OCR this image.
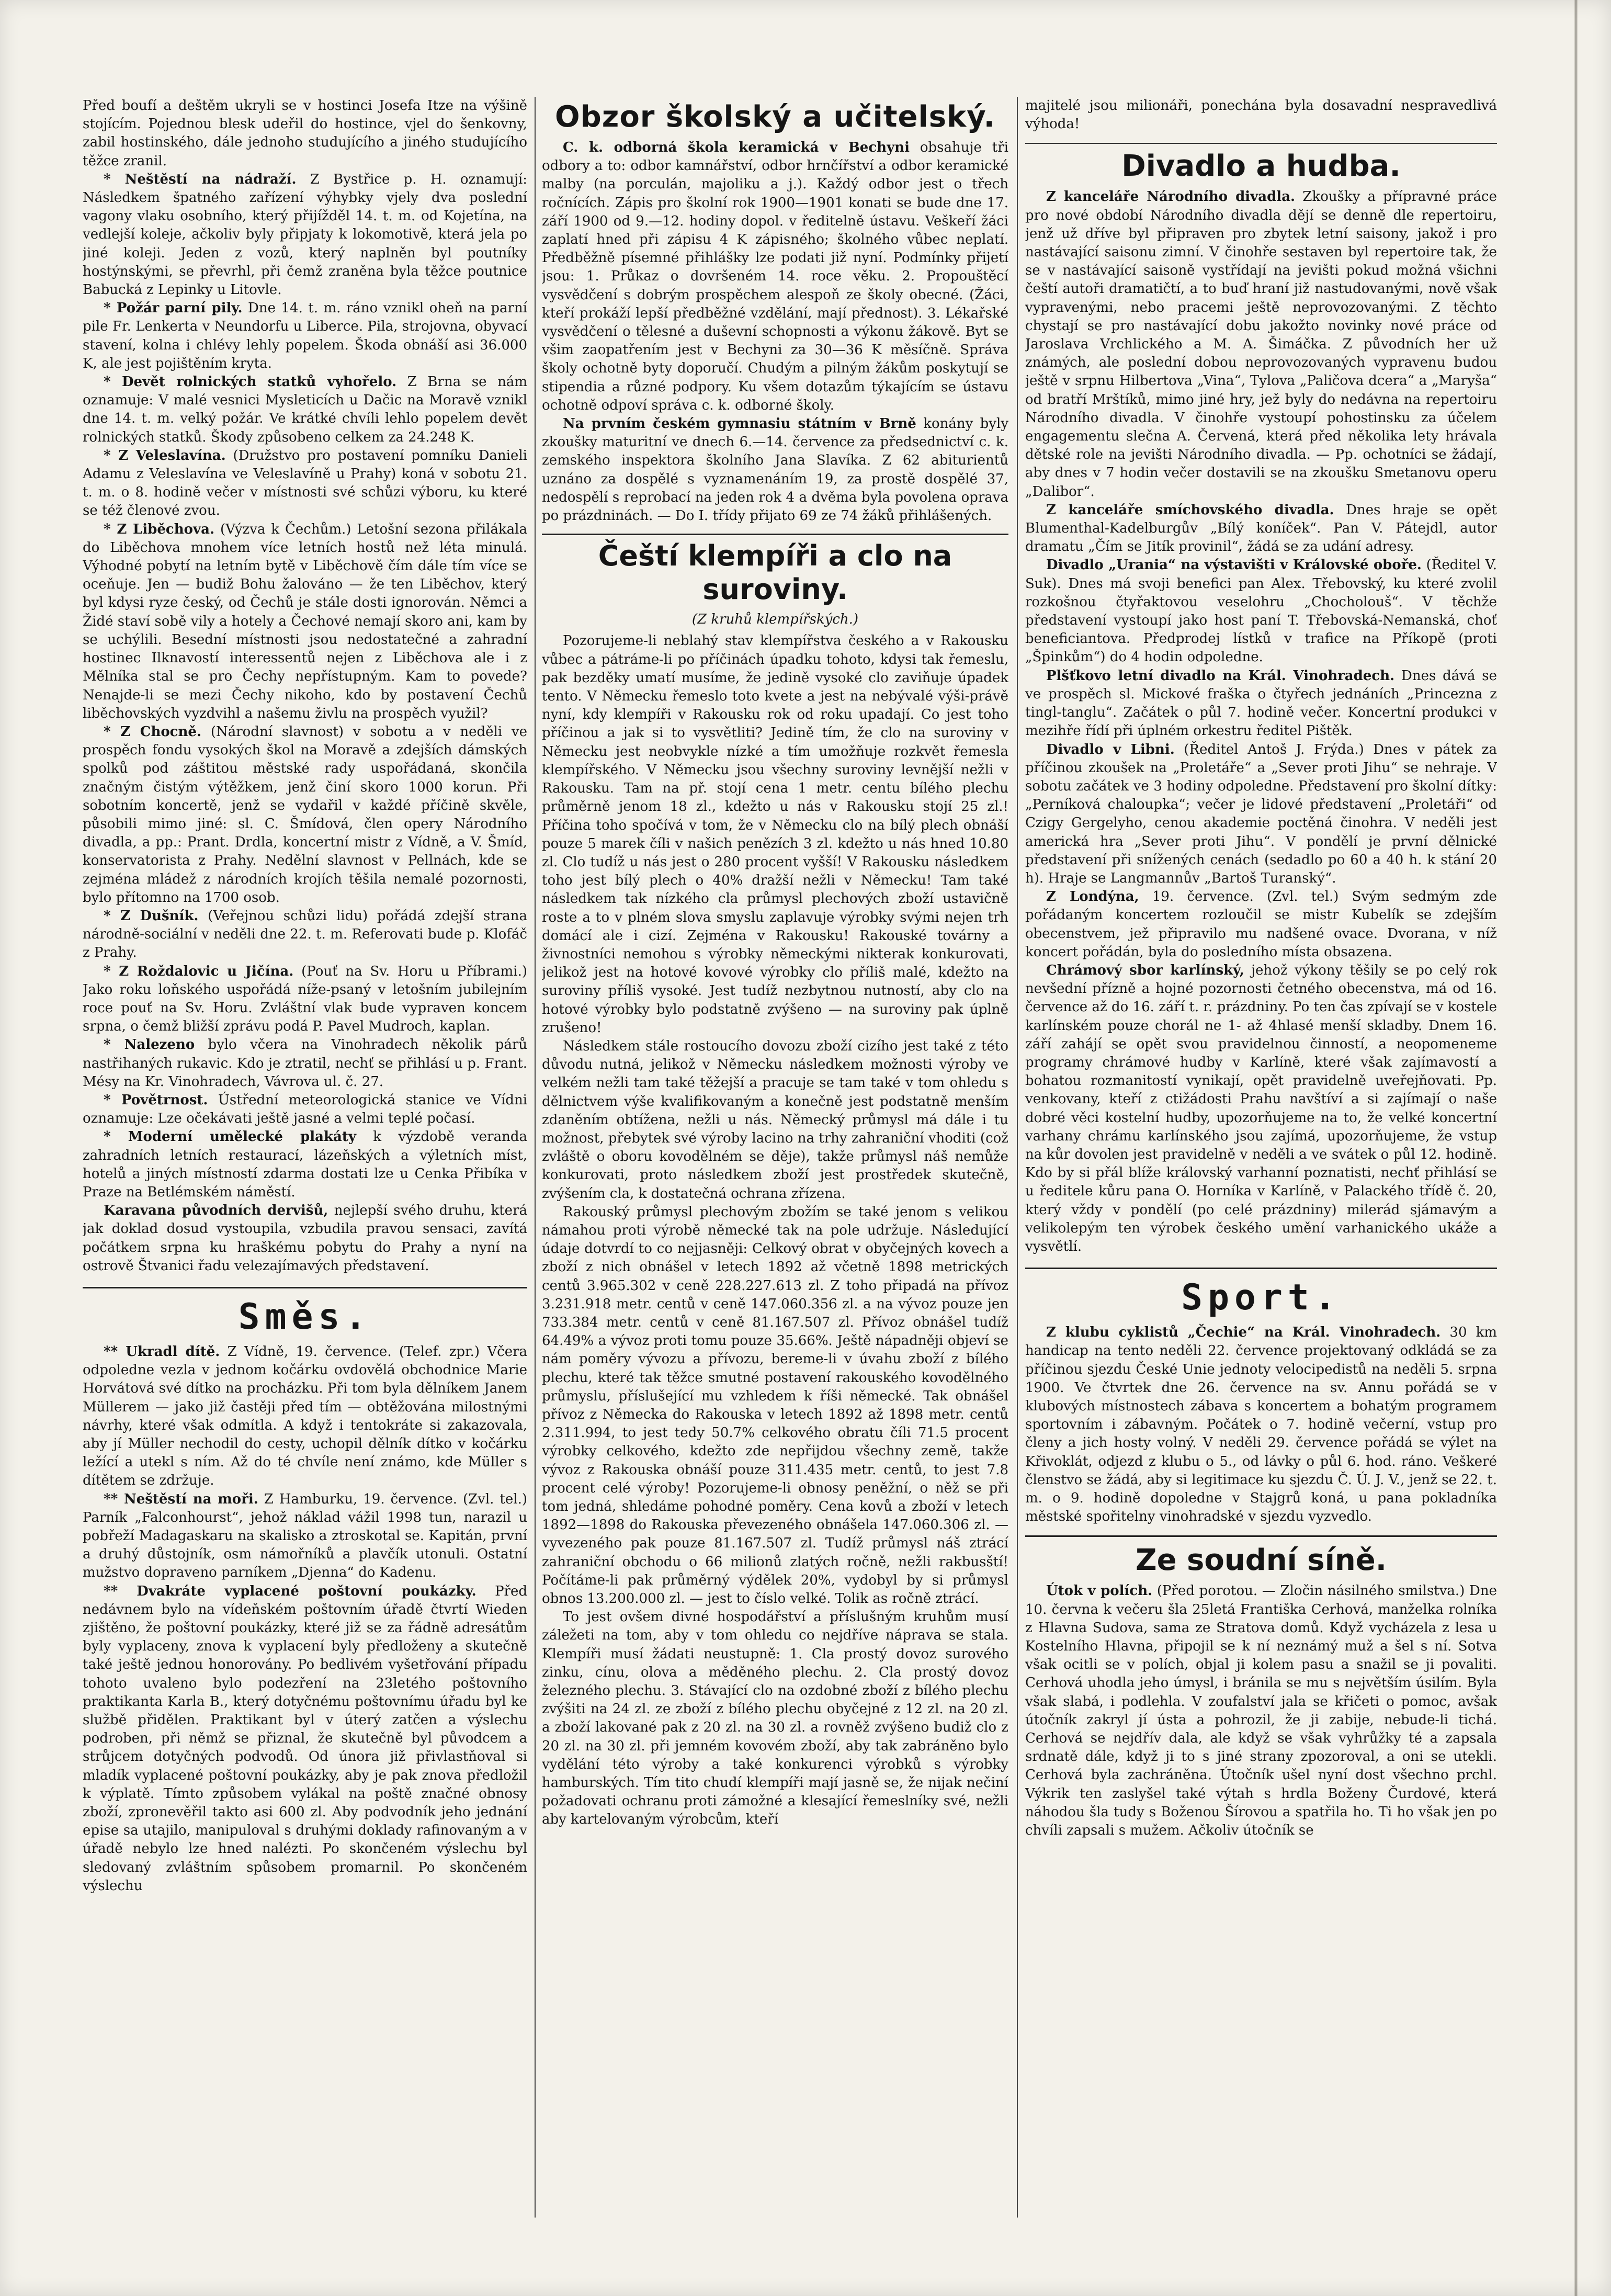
Před boufí a deštěm ukryli se v hostinci Josefa Itze na výšině stojícím. Pojednou blesk udeřil do hostince, vjel do šenkovny, zabil hostinského, dále jednoho studujícího a jiného studujícího těžce zranil.

* Neštěstí na nádraží. Z Bystřice p. H. oznamují: Následkem špatného zařízení výhybky vjely dva poslední vagony vlaku osobního, který přijížděl 14. t. m. od Kojetína, na vedlejší koleje, ačkoliv byly připjaty k lokomotivě, která jela po jiné koleji. Jeden z vozů, který naplněn byl poutníky hostýnskými, se převrhl, při čemž zraněna byla těžce poutnice Babucká z Lepinky u Litovle.

* Požár parní pily. Dne 14. t. m. ráno vznikl oheň na parní pile Fr. Lenkerta v Neundorfu u Liberce. Pila, strojovna, obyvací stavení, kolna i chlévy lehly popelem. Škoda obnáší asi 36.000 K, ale jest pojištěním kryta.

* Devět rolnických statků vyhořelo. Z Brna se nám oznamuje: V malé vesnici Mysleticích u Dačic na Moravě vznikl dne 14. t. m. velký požár. Ve krátké chvíli lehlo popelem devět rolnických statků. Škody způsobeno celkem za 24.248 K.

* Z Veleslavína. (Družstvo pro postavení pomníku Danieli Adamu z Veleslavína ve Veleslavíně u Prahy) koná v sobotu 21. t. m. o 8. hodině večer v místnosti své schůzi výboru, ku které se též členové zvou.

* Z Liběchova. (Výzva k Čechům.) Letošní sezona přilákala do Liběchova mnohem více letních hostů než léta minulá. Výhodné pobytí na letním bytě v Liběchově čím dále tím více se oceňuje. Jen — budiž Bohu žalováno — že ten Liběchov, který byl kdysi ryze český, od Čechů je stále dosti ignorován. Němci a Židé staví sobě vily a hotely a Čechové nemají skoro ani, kam by se uchýlili. Besední místnosti jsou nedostatečné a zahradní hostinec Ilknavostí interessentů nejen z Liběchova ale i z Mělníka stal se pro Čechy nepřístupným. Kam to povede? Nenajde-li se mezi Čechy nikoho, kdo by postavení Čechů liběchovských vyzdvihl a našemu živlu na prospěch využil?

* Z Chocně. (Národní slavnost) v sobotu a v neděli ve prospěch fondu vysokých škol na Moravě a zdejších dámských spolků pod záštitou městské rady uspořádaná, skončila značným čistým výtěžkem, jenž činí skoro 1000 korun. Při sobotním koncertě, jenž se vydařil v každé příčině skvěle, působili mimo jiné: sl. C. Šmídová, člen opery Národního divadla, a pp.: Prant. Drdla, koncertní mistr z Vídně, a V. Šmíd, konservatorista z Prahy. Nedělní slavnost v Pellnách, kde se zejména mládež z národních krojích těšila nemalé pozornosti, bylo přítomno na 1700 osob.

* Z Dušník. (Veřejnou schůzi lidu) pořádá zdejší strana národně-sociální v neděli dne 22. t. m. Referovati bude p. Klofáč z Prahy.

* Z Roždalovic u Jičína. (Pouť na Sv. Horu u Příbrami.) Jako roku loňského uspořádá níže-psaný v letošním jubilejním roce pouť na Sv. Horu. Zvláštní vlak bude vypraven koncem srpna, o čemž bližší zprávu podá P. Pavel Mudroch, kaplan.

* Nalezeno bylo včera na Vinohradech několik párů nastřihaných rukavic. Kdo je ztratil, nechť se přihlásí u p. Frant. Mésy na Kr. Vinohradech, Vávrova ul. č. 27.

* Povětrnost. Ústřední meteorologická stanice ve Vídni oznamuje: Lze očekávati ještě jasné a velmi teplé počasí.

* Moderní umělecké plakáty k výzdobě veranda zahradních letních restaurací, lázeňských a výletních míst, hotelů a jiných místností zdarma dostati lze u Cenka Přibíka v Praze na Betlémském náměstí.

Karavana původních dervišů, nejlepší svého druhu, která jak doklad dosud vystoupila, vzbudila pravou sensaci, zavítá počátkem srpna ku hraškému pobytu do Prahy a nyní na ostrově Štvanici řadu velezajímavých představení.

Směs.

** Ukradl dítě. Z Vídně, 19. července. (Telef. zpr.) Včera odpoledne vezla v jednom kočárku ovdovělá obchodnice Marie Horvátová své dítko na procházku. Při tom byla dělníkem Janem Müllerem — jako již častěji před tím — obtěžována milostnými návrhy, které však odmítla. A když i tentokráte si zakazovala, aby jí Müller nechodil do cesty, uchopil dělník dítko v kočárku ležící a utekl s ním. Až do té chvíle není známo, kde Müller s dítětem se zdržuje.

** Neštěstí na moři. Z Hamburku, 19. července. (Zvl. tel.) Parník „Falconhourst“, jehož náklad vážil 1998 tun, narazil u pobřeží Madagaskaru na skalisko a ztroskotal se. Kapitán, první a druhý důstojník, osm námořníků a plavčík utonuli. Ostatní mužstvo dopraveno parníkem „Djenna“ do Kadenu.

** Dvakráte vyplacené poštovní poukázky. Před nedávnem bylo na vídeňském poštovním úřadě čtvrtí Wieden zjištěno, že poštovní poukázky, které již se za řádně adresátům byly vyplaceny, znova k vyplacení byly předloženy a skutečně také ještě jednou honorovány. Po bedlivém vyšetřování případu tohoto uvaleno bylo podezření na 23letého poštovního praktikanta Karla B., který dotyčnému poštovnímu úřadu byl ke službě přidělen. Praktikant byl v úterý zatčen a výslechu podroben, při němž se přiznal, že skutečně byl původcem a strůjcem dotyčných podvodů. Od února již přivlastňoval si mladík vyplacené poštovní poukázky, aby je pak znova předložil k výplatě. Tímto způsobem vylákal na poště značné obnosy zboží, zpronevěřil takto asi 600 zl. Aby podvodník jeho jednání epise sa utajilo, manipuloval s druhými doklady rafinovaným a v úřadě nebylo lze hned nalézti. Po skončeném výslechu byl sledovaný zvláštním spůsobem promarnil. Po skončeném výslechu

Obzor školský a učitelský.

C. k. odborná škola keramická v Bechyni obsahuje tři odbory a to: odbor kamnářství, odbor hrnčířství a odbor keramické malby (na porculán, majoliku a j.). Každý odbor jest o třech ročnících. Zápis pro školní rok 1900—1901 konati se bude dne 17. září 1900 od 9.—12. hodiny dopol. v ředitelně ústavu. Veškeří žáci zaplatí hned při zápisu 4 K zápisného; školného vůbec neplatí. Předběžně písemné přihlášky lze podati již nyní. Podmínky přijetí jsou: 1. Průkaz o dovršeném 14. roce věku. 2. Propouštěcí vysvědčení s dobrým prospěchem alespoň ze školy obecné. (Žáci, kteří prokáží lepší předběžné vzdělání, mají přednost). 3. Lékařské vysvědčení o tělesné a duševní schopnosti a výkonu žákově. Byt se všim zaopatřením jest v Bechyni za 30—36 K měsíčně. Správa školy ochotně byty doporučí. Chudým a pilným žákům poskytují se stipendia a různé podpory. Ku všem dotazům týkajícím se ústavu ochotně odpoví správa c. k. odborné školy.

Na prvním českém gymnasiu státním v Brně konány byly zkoušky maturitní ve dnech 6.—14. července za předsednictví c. k. zemského inspektora školního Jana Slavíka. Z 62 abiturientů uznáno za dospělé s vyznamenáním 19, za prostě dospělé 37, nedospělí s reprobací na jeden rok 4 a dvěma byla povolena oprava po prázdninách. — Do I. třídy přijato 69 ze 74 žáků přihlášených.

Čeští klempíři a clo na suroviny.

(Z kruhů klempířských.)

Pozorujeme-li neblahý stav klempířstva českého a v Rakousku vůbec a pátráme-li po příčinách úpadku tohoto, kdysi tak řemeslu, pak bezděky umatí musíme, že jedině vysoké clo zaviňuje úpadek tento. V Německu řemeslo toto kvete a jest na nebývalé výši-právě nyní, kdy klempíři v Rakousku rok od roku upadají. Co jest toho příčinou a jak si to vysvětliti? Jedině tím, že clo na suroviny v Německu jest neobvykle nízké a tím umožňuje rozkvět řemesla klempířského. V Německu jsou všechny suroviny levnější nežli v Rakousku. Tam na př. stojí cena 1 metr. centu bílého plechu průměrně jenom 18 zl., kdežto u nás v Rakousku stojí 25 zl.! Příčina toho spočívá v tom, že v Německu clo na bílý plech obnáší pouze 5 marek číli v našich penězích 3 zl. kdežto u nás hned 10.80 zl. Clo tudíž u nás jest o 280 procent vyšší! V Rakousku následkem toho jest bílý plech o 40% dražší nežli v Německu! Tam také následkem tak nízkého cla průmysl plechových zboží ustavičně roste a to v plném slova smyslu zaplavuje výrobky svými nejen trh domácí ale i cizí. Zejména v Rakousku! Rakouské továrny a živnostníci nemohou s výrobky německými nikterak konkurovati, jelikož jest na hotové kovové výrobky clo příliš malé, kdežto na suroviny příliš vysoké. Jest tudíž nezbytnou nutností, aby clo na hotové výrobky bylo podstatně zvýšeno — na suroviny pak úplně zrušeno!

Následkem stále rostoucího dovozu zboží cizího jest také z této důvodu nutná, jelikož v Německu následkem možnosti výroby ve velkém nežli tam také těžejší a pracuje se tam také v tom ohledu s dělnictvem výše kvalifikovaným a konečně jest podstatně menším zdaněním obtížena, nežli u nás. Německý průmysl má dále i tu možnost, přebytek své výroby lacino na trhy zahraniční vhoditi (což zvláště o oboru kovodělném se děje), takže průmysl náš nemůže konkurovati, proto následkem zboží jest prostředek skutečně, zvýšením cla, k dostatečná ochrana zřízena.

Rakouský průmysl plechovým zbožím se také jenom s velikou námahou proti výrobě německé tak na pole udržuje. Následující údaje dotvrdí to co nejjasněji: Celkový obrat v obyčejných kovech a zboží z nich obnášel v letech 1892 až včetně 1898 metrických centů 3.965.302 v ceně 228.227.613 zl. Z toho připadá na přívoz 3.231.918 metr. centů v ceně 147.060.356 zl. a na vývoz pouze jen 733.384 metr. centů v ceně 81.167.507 zl. Přívoz obnášel tudíž 64.49% a vývoz proti tomu pouze 35.66%. Ještě nápadněji objeví se nám poměry vývozu a přívozu, bereme-li v úvahu zboží z bílého plechu, které tak těžce smutné postavení rakouského kovodělného průmyslu, příslušející mu vzhledem k říši německé. Tak obnášel přívoz z Německa do Rakouska v letech 1892 až 1898 metr. centů 2.311.994, to jest tedy 50.7% celkového obratu číli 71.5 procent výrobky celkového, kdežto zde nepřijdou všechny země, takže vývoz z Rakouska obnáší pouze 311.435 metr. centů, to jest 7.8 procent celé výroby! Pozorujeme-li obnosy peněžní, o něž se při tom jedná, shledáme pohodné poměry. Cena kovů a zboží v letech 1892—1898 do Rakouska převezeného obnášela 147.060.306 zl. — vyvezeného pak pouze 81.167.507 zl. Tudíž průmysl náš ztrácí zahraniční obchodu o 66 milionů zlatých ročně, nežli rakbusští! Počítáme-li pak průměrný výdělek 20%, vydobyl by si průmysl obnos 13.200.000 zl. — jest to číslo velké. Tolik as ročně ztrácí.

To jest ovšem divné hospodářství a příslušným kruhům musí záležeti na tom, aby v tom ohledu co nejdříve náprava se stala. Klempíři musí žádati neustupně: 1. Cla prostý dovoz surového zinku, cínu, olova a měděného plechu. 2. Cla prostý dovoz železného plechu. 3. Stávající clo na ozdobné zboží z bílého plechu zvýšiti na 24 zl. ze zboží z bílého plechu obyčejné z 12 zl. na 20 zl. a zboží lakované pak z 20 zl. na 30 zl. a rovněž zvýšeno budiž clo z 20 zl. na 30 zl. při jemném kovovém zboží, aby tak zabráněno bylo vydělání této výroby a také konkurenci výrobků s výrobky hamburských. Tím tito chudí klempíři mají jasně se, že nijak nečiní požadovati ochranu proti zámožné a klesající řemeslníky své, nežli aby kartelovaným výrobcům, kteří

majitelé jsou milionáři, ponechána byla dosavadní nespravedlivá výhoda!

Divadlo a hudba.

Z kanceláře Národního divadla. Zkoušky a přípravné práce pro nové období Národního divadla dějí se denně dle repertoiru, jenž už dříve byl připraven pro zbytek letní saisony, jakož i pro nastávající saisonu zimní. V činohře sestaven byl repertoire tak, že se v nastávající saisoně vystřídají na jevišti pokud možná všichni čeští autoři dramatičtí, a to buď hraní již nastudovanými, nově však vypravenými, nebo pracemi ještě neprovozovanými. Z těchto chystají se pro nastávající dobu jakožto novinky nové práce od Jaroslava Vrchlického a M. A. Šimáčka. Z původních her už známých, ale poslední dobou neprovozovaných vypravenu budou ještě v srpnu Hilbertova „Vina“, Tylova „Paličova dcera“ a „Maryša“ od bratří Mrštíků, mimo jiné hry, jež byly do nedávna na repertoiru Národního divadla. V činohře vystoupí pohostinsku za účelem engagementu slečna A. Červená, která před několika lety hrávala dětské role na jevišti Národního divadla. — Pp. ochotníci se žádají, aby dnes v 7 hodin večer dostavili se na zkoušku Smetanovu operu „Dalibor“.

Z kanceláře smíchovského divadla. Dnes hraje se opět Blumenthal-Kadelburgův „Bílý koníček“. Pan V. Pátejdl, autor dramatu „Čím se Jitík provinil“, žádá se za udání adresy.

Divadlo „Urania“ na výstavišti v Královské oboře. (Ředitel V. Suk). Dnes má svoji benefici pan Alex. Třebovský, ku které zvolil rozkošnou čtyřaktovou veselohru „Chocholouš“. V těchže představení vystoupí jako host paní T. Třebovská-Nemanská, choť beneficiantova. Předprodej lístků v trafice na Příkopě (proti „Špinkům“) do 4 hodin odpoledne.

Plšťkovo letní divadlo na Král. Vinohradech. Dnes dává se ve prospěch sl. Mickové fraška o čtyřech jednáních „Princezna z tingl-tanglu“. Začátek o půl 7. hodině večer. Koncertní produkci v mezihře řídí při úplném orkestru ředitel Pištěk.

Divadlo v Libni. (Ředitel Antoš J. Frýda.) Dnes v pátek za příčinou zkoušek na „Proletáře“ a „Sever proti Jihu“ se nehraje. V sobotu začátek ve 3 hodiny odpoledne. Představení pro školní dítky: „Perníková chaloupka“; večer je lidové představení „Proletáři“ od Czigy Gergelyho, cenou akademie poctěná činohra. V neděli jest americká hra „Sever proti Jihu“. V pondělí je první dělnické představení při snížených cenách (sedadlo po 60 a 40 h. k stání 20 h). Hraje se Langmannův „Bartoš Turanský“.

Z Londýna, 19. července. (Zvl. tel.) Svým sedmým zde pořádaným koncertem rozloučil se mistr Kubelík se zdejším obecenstvem, jež připravilo mu nadšené ovace. Dvorana, v níž koncert pořádán, byla do posledního místa obsazena.

Chrámový sbor karlínský, jehož výkony těšily se po celý rok nevšední přízně a hojné pozornosti četného obecenstva, má od 16. července až do 16. září t. r. prázdniny. Po ten čas zpívají se v kostele karlínském pouze chorál ne 1- až 4hlasé menší skladby. Dnem 16. září zahájí se opět svou pravidelnou činností, a neopomeneme programy chrámové hudby v Karlíně, které však zajímavostí a bohatou rozmanitostí vynikají, opět pravidelně uveřejňovati. Pp. venkovany, kteří z ctižádosti Prahu navštíví a si zajímají o naše dobré věci kostelní hudby, upozorňujeme na to, že velké koncertní varhany chrámu karlínského jsou zajímá, upozorňujeme, že vstup na kůr dovolen jest pravidelně v neděli a ve svátek o půl 12. hodině. Kdo by si přál blíže královský varhanní poznatisti, nechť přihlásí se u ředitele kůru pana O. Horníka v Karlíně, v Palackého třídě č. 20, který vždy v pondělí (po celé prázdniny) milerád sjámavým a velikolepým ten výrobek českého umění varhanického ukáže a vysvětlí.

Sport.

Z klubu cyklistů „Čechie“ na Král. Vinohradech. 30 km handicap na tento neděli 22. července projektovaný odkládá se za příčinou sjezdu České Unie jednoty velocipedistů na neděli 5. srpna 1900. Ve čtvrtek dne 26. července na sv. Annu pořádá se v klubových místnostech zábava s koncertem a bohatým programem sportovním i zábavným. Počátek o 7. hodině večerní, vstup pro členy a jich hosty volný. V neděli 29. července pořádá se výlet na Křivoklát, odjezd z klubu o 5., od lávky o půl 6. hod. ráno. Veškeré členstvo se žádá, aby si legitimace ku sjezdu Č. Ú. J. V., jenž se 22. t. m. o 9. hodině dopoledne v Stajgrů koná, u pana pokladníka městské spořitelny vinohradské v sjezdu vyzvedlo.

Ze soudní síně.

Útok v polích. (Před porotou. — Zločin násilného smilstva.) Dne 10. června k večeru šla 25letá Františka Cerhová, manželka rolníka z Hlavna Sudova, sama ze Stratova domů. Když vycházela z lesa u Kostelního Hlavna, připojil se k ní neznámý muž a šel s ní. Sotva však ocitli se v polích, objal ji kolem pasu a snažil se ji povaliti. Cerhová uhodla jeho úmysl, i bránila se mu s největším úsilím. Byla však slabá, i podlehla. V zoufalství jala se křičeti o pomoc, avšak útočník zakryl jí ústa a pohrozil, že ji zabije, nebude-li tichá. Cerhová se nejdřív dala, ale když se však vyhrůžky té a zapsala srdnatě dále, když ji to s jiné strany zpozoroval, a oni se utekli. Cerhová byla zachráněna. Útočník ušel nyní dost všechno prchl. Výkrik ten zaslyšel také výtah s hrdla Boženy Čurdové, která náhodou šla tudy s Boženou Šírovou a spatřila ho. Ti ho však jen po chvíli zapsali s mužem. Ačkoliv útočník se
